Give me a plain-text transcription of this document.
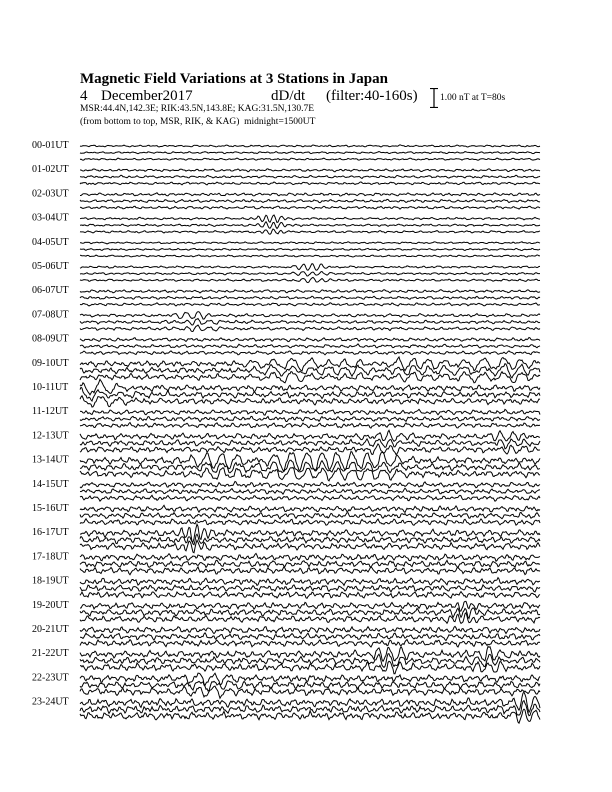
Magnetic Field Variations at 3 Stations in Japan
4 December2017	dD/dt (filter:40-160s)
MSR:44.4N,142.3E; RIK:43.5N,143.8E; KAG:31.5N,130.7E
(from bottom to top, MSR, RIK, & KAG) midnight=1500UT
1.00 nT at T=80s
00-01UT
01-02UT
02-03UT
03-04UT
04-05UT
05-06UT
06-07UT
07-08UT
08-09UT
09-10UT
10-11UT
11-12UT
12-13UT
13-14UT
14-15UT
15-16UT
16-17UT
17-18UT
18-19UT
19-20UT
20-21UT
21-22UT
22-23UT
23-24UT
